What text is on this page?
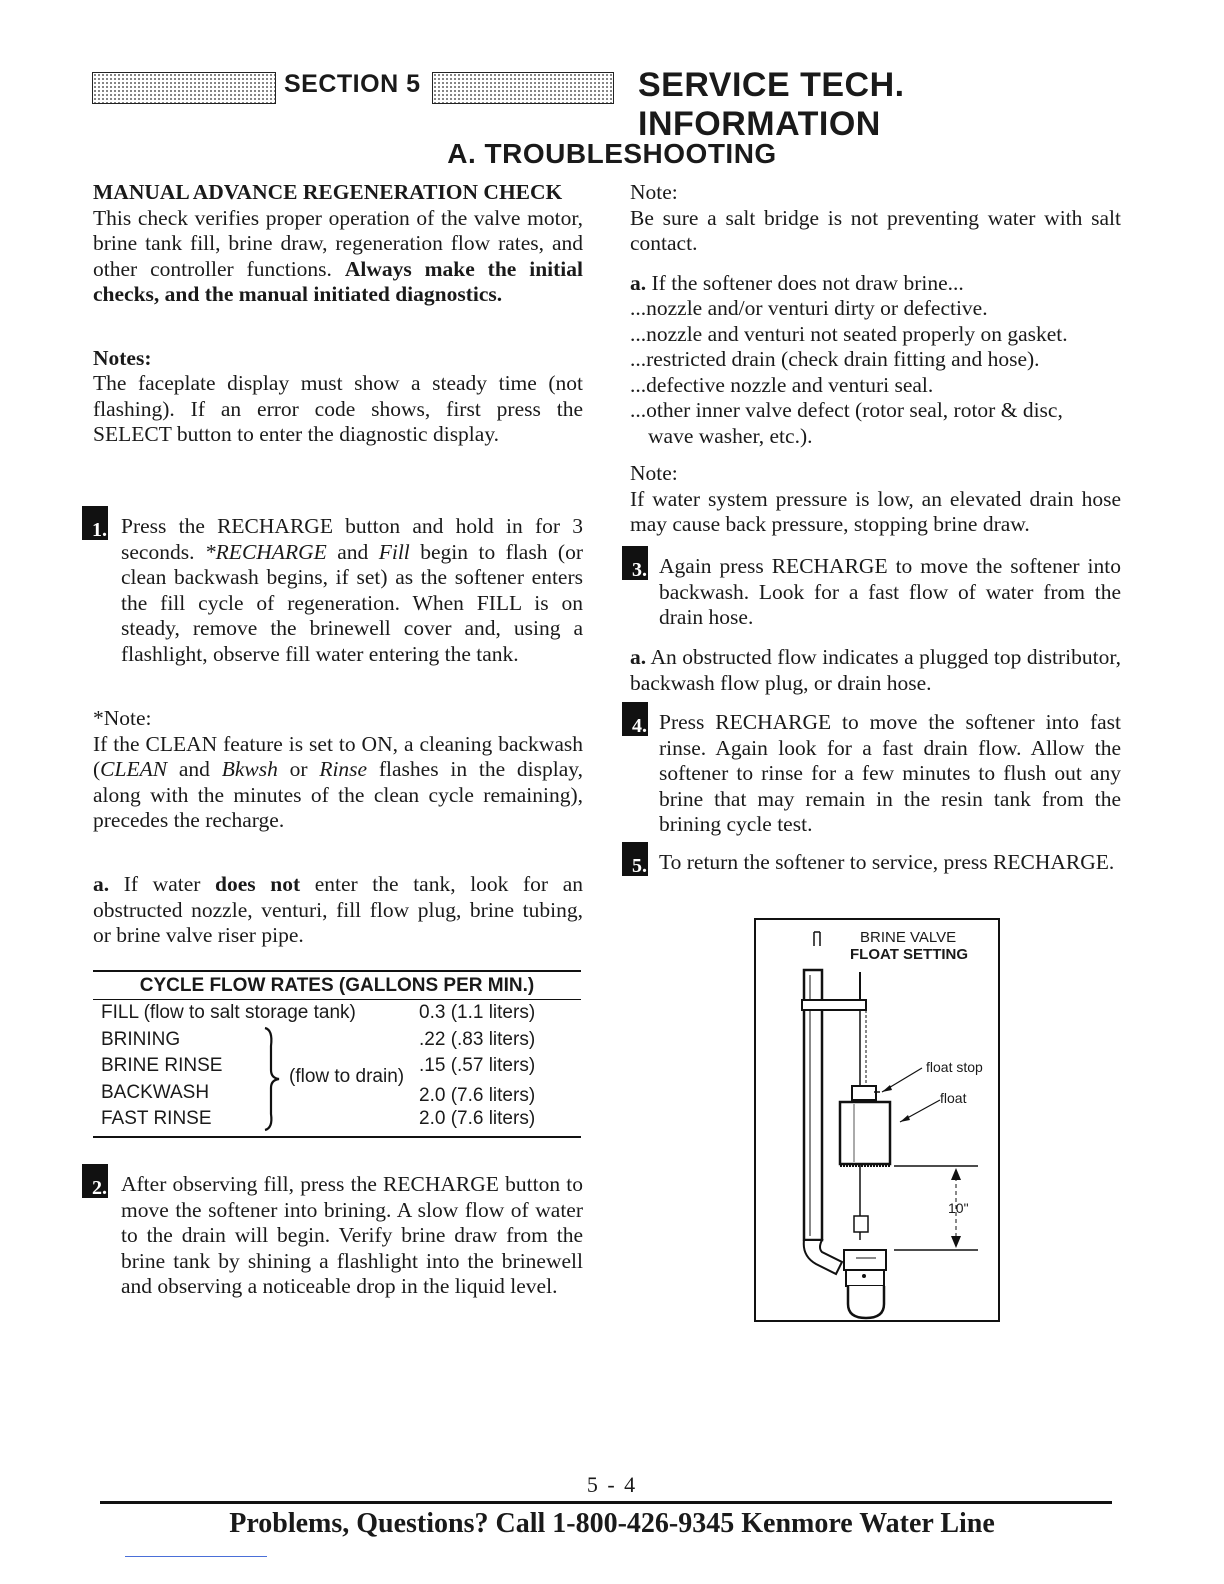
SECTION 5	SERVICE TECH. INFORMATION
A. TROUBLESHOOTING
MANUAL ADVANCE REGENERATION CHECK

This check verifies proper operation of the valve motor, brine tank fill, brine draw, regeneration flow rates, and other controller functions. Always make the initial checks, and the manual initiated diagnostics.

Notes:

The faceplate display must show a steady time (not flashing). If an error code shows, first press the SELECT button to enter the diagnostic display.

1. Press the RECHARGE button and hold in for 3 seconds. *RECHARGE and Fill begin to flash (or clean backwash begins, if set) as the softener enters the fill cycle of regeneration. When FILL is on steady, remove the brinewell cover and, using a flashlight, observe fill water entering the tank.
*Note:

If the CLEAN feature is set to ON, a cleaning backwash (CLEAN and Bkwsh or Rinse flashes in the display, along with the minutes of the clean cycle remaining), precedes the recharge.

a. If water does not enter the tank, look for an obstructed nozzle, venturi, fill flow plug, brine tubing, or brine valve riser pipe.

CYCLE FLOW RATES (GALLONS PER MIN.)
FILL (flow to salt storage tank)	0.3 (1.1 liters)
BRINING	.22 (.83 liters)
BRINE RINSE	.15 (.57 liters)
BACKWASH	2.0 (7.6 liters)
FAST RINSE	2.0 (7.6 liters)
(flow to drain)
2. After observing fill, press the RECHARGE button to move the softener into brining. A slow flow of water to the drain will begin. Verify brine draw from the brine tank by shining a flashlight into the brinewell and observing a noticeable drop in the liquid level.
Note:

Be sure a salt bridge is not preventing water with salt contact.

a. If the softener does not draw brine...
...nozzle and/or venturi dirty or defective.
...nozzle and venturi not seated properly on gasket.
...restricted drain (check drain fitting and hose).
...defective nozzle and venturi seal.
...other inner valve defect (rotor seal, rotor & disc,
wave washer, etc.).
Note:

If water system pressure is low, an elevated drain hose may cause back pressure, stopping brine draw.

3. Again press RECHARGE to move the softener into backwash. Look for a fast flow of water from the drain hose.

a. An obstructed flow indicates a plugged top distributor, backwash flow plug, or drain hose.

4. Press RECHARGE to move the softener into fast rinse. Again look for a fast drain flow. Allow the softener to rinse for a few minutes to flush out any brine that may remain in the resin tank from the brining cycle test.
5. To return the softener to service, press RECHARGE.
BRINE VALVE
FLOAT SETTING
float stop
float
10"
5 - 4
Problems, Questions? Call 1-800-426-9345 Kenmore Water Line
